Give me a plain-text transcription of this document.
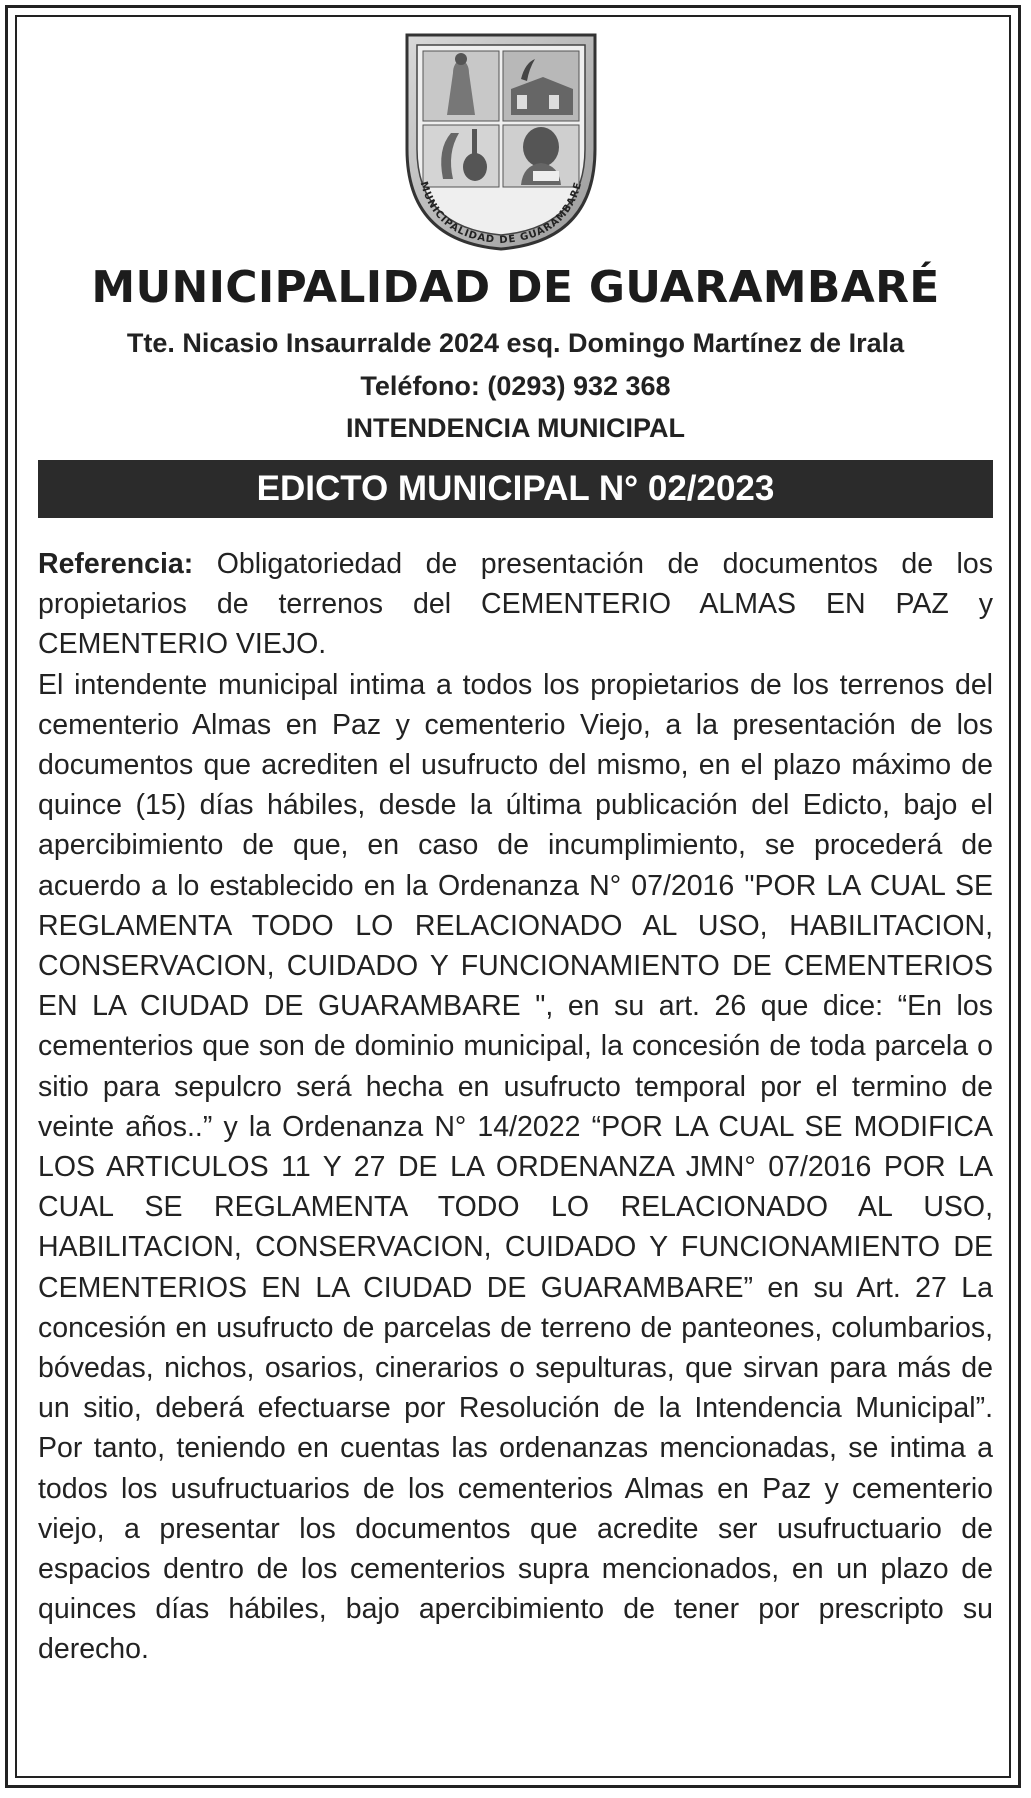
MUNICIPALIDAD DE GUARAMBARE
MUNICIPALIDAD DE GUARAMBARÉ
Tte. Nicasio Insaurralde 2024 esq. Domingo Martínez de Irala
Teléfono: (0293) 932 368
INTENDENCIA MUNICIPAL
EDICTO MUNICIPAL N° 02/2023

Referencia: Obligatoriedad de presentación de documentos de los propietarios de terrenos del CEMENTERIO ALMAS EN PAZ y CEMENTERIO VIEJO.

El intendente municipal intima a todos los propietarios de los terrenos del cementerio Almas en Paz y cementerio Viejo, a la presentación de los documentos que acrediten el usufructo del mismo, en el plazo máximo de quince (15) días hábiles, desde la última publicación del Edicto, bajo el apercibimiento de que, en caso de incumplimiento, se procederá de acuerdo a lo establecido en la Ordenanza N° 07/2016 "POR LA CUAL SE REGLAMENTA TODO LO RELACIONADO AL USO, HABILITACION, CONSERVACION, CUIDADO Y FUNCIONAMIENTO DE CEMENTERIOS EN LA CIUDAD DE GUARAMBARE ", en su art. 26 que dice: “En los cementerios que son de dominio municipal, la concesión de toda parcela o sitio para sepulcro será hecha en usufructo temporal por el termino de veinte años..” y la Ordenanza N° 14/2022 “POR LA CUAL SE MODIFICA LOS ARTICULOS 11 Y 27 DE LA ORDENANZA JMN° 07/2016 POR LA CUAL SE REGLAMENTA TODO LO RELACIONADO AL USO, HABILITACION, CONSERVACION, CUIDADO Y FUNCIONAMIENTO DE CEMENTERIOS EN LA CIUDAD DE GUARAMBARE” en su Art. 27 La concesión en usufructo de parcelas de terreno de panteones, columbarios, bóvedas, nichos, osarios, cinerarios o sepulturas, que sirvan para más de un sitio, deberá efectuarse por Resolución de la Intendencia Municipal”. Por tanto, teniendo en cuentas las ordenanzas mencionadas, se intima a todos los usufructuarios de los cementerios Almas en Paz y cementerio viejo, a presentar los documentos que acredite ser usufructuario de espacios dentro de los cementerios supra mencionados, en un plazo de quinces días hábiles, bajo apercibimiento de tener por prescripto su derecho.
